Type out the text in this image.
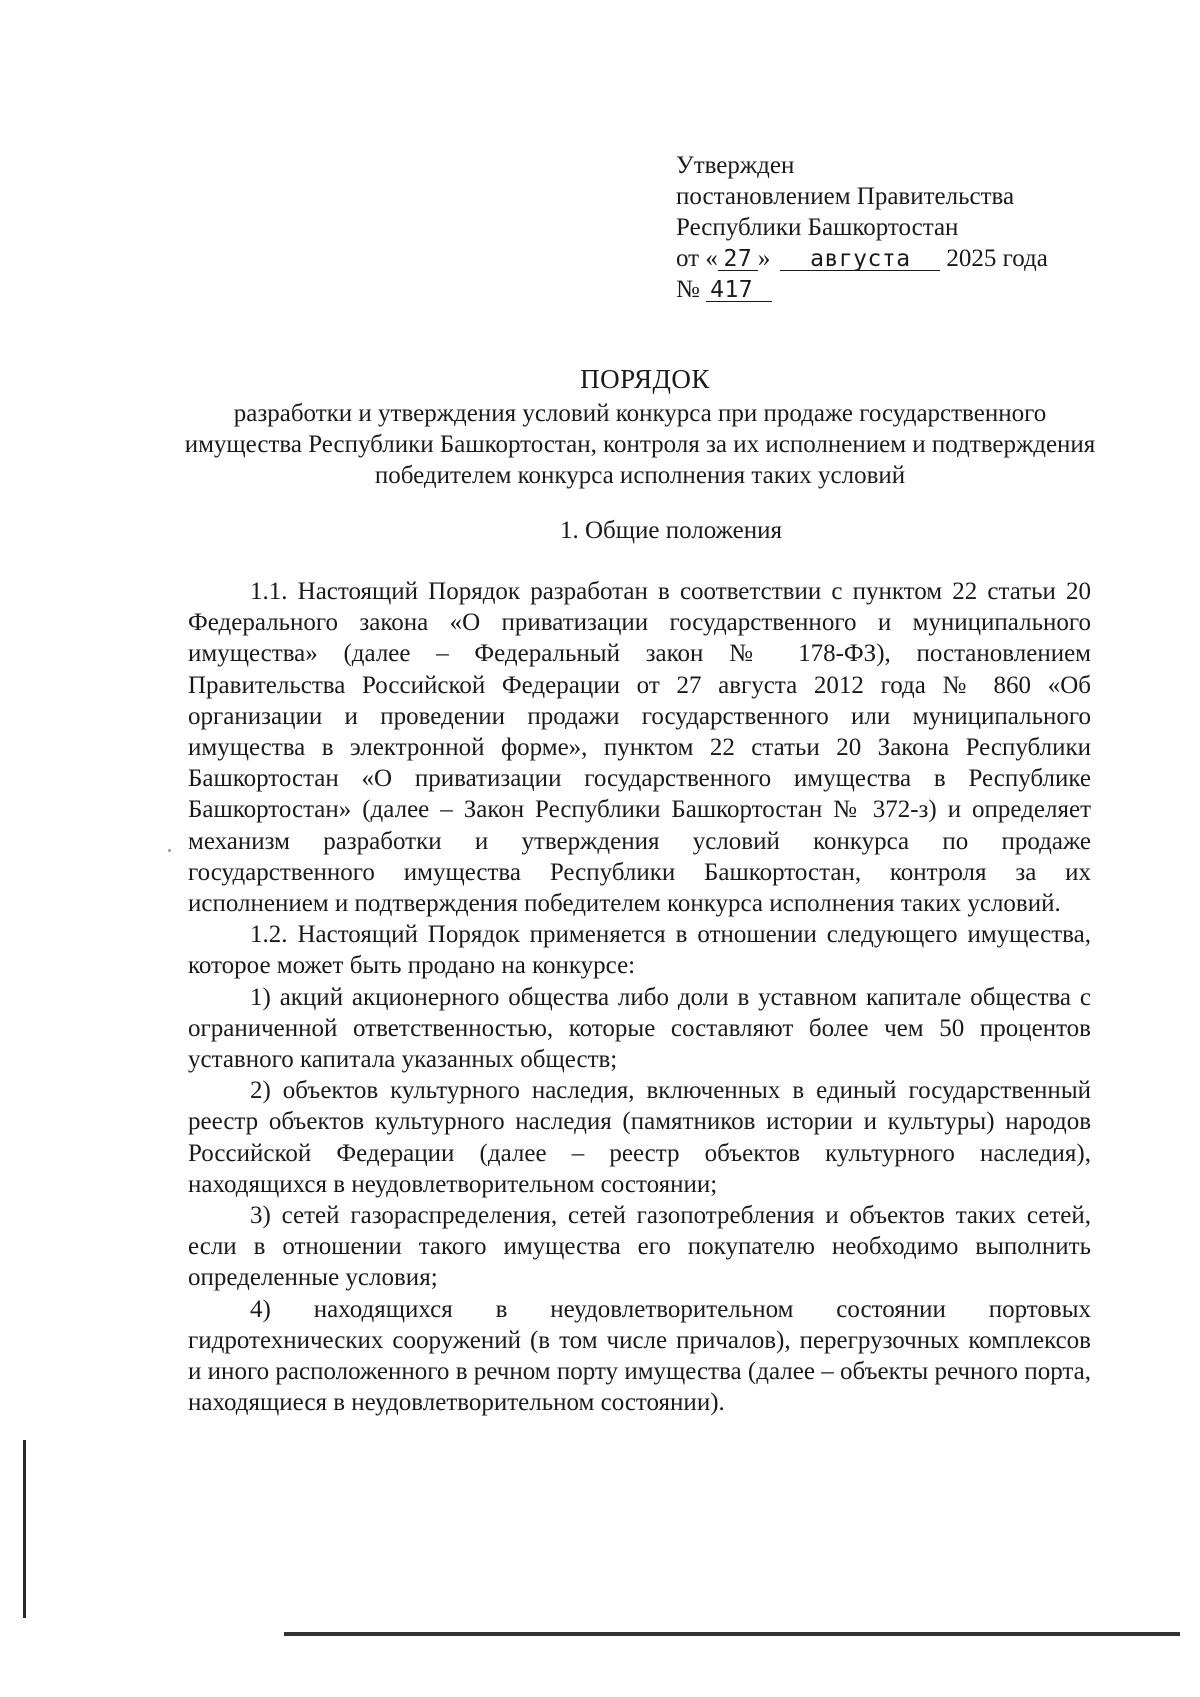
Утвержден
постановлением Правительства
Республики Башкортостан
от « 27 » августа 2025 года
№ 417
ПОРЯДОК
разработки и утверждения условий конкурса при продаже государственного имущества Республики Башкортостан, контроля за их исполнением и подтверждения победителем конкурса исполнения таких условий
1. Общие положения

1.1. Настоящий Порядок разработан в соответствии с пунктом 22 статьи 20 Федерального закона «О приватизации государственного и муниципального имущества» (далее – Федеральный закон № 178-ФЗ), постановлением Правительства Российской Федерации от 27 августа 2012 года № 860 «Об организации и проведении продажи государственного или муниципального имущества в электронной форме», пунктом 22 статьи 20 Закона Республики Башкортостан «О приватизации государственного имущества в Республике Башкортостан» (далее – Закон Республики Башкортостан № 372-з) и определяет механизм разработки и утверждения условий конкурса по продаже государственного имущества Республики Башкортостан, контроля за их исполнением и подтверждения победителем конкурса исполнения таких условий.

1.2. Настоящий Порядок применяется в отношении следующего имущества, которое может быть продано на конкурсе:

1) акций акционерного общества либо доли в уставном капитале общества с ограниченной ответственностью, которые составляют более чем 50 процентов уставного капитала указанных обществ;

2) объектов культурного наследия, включенных в единый государственный реестр объектов культурного наследия (памятников истории и культуры) народов Российской Федерации (далее – реестр объектов культурного наследия), находящихся в неудовлетворительном состоянии;

3) сетей газораспределения, сетей газопотребления и объектов таких сетей, если в отношении такого имущества его покупателю необходимо выполнить определенные условия;

4) находящихся в неудовлетворительном состоянии портовых гидротехнических сооружений (в том числе причалов), перегрузочных комплексов и иного расположенного в речном порту имущества (далее – объекты речного порта, находящиеся в неудовлетворительном состоянии).
